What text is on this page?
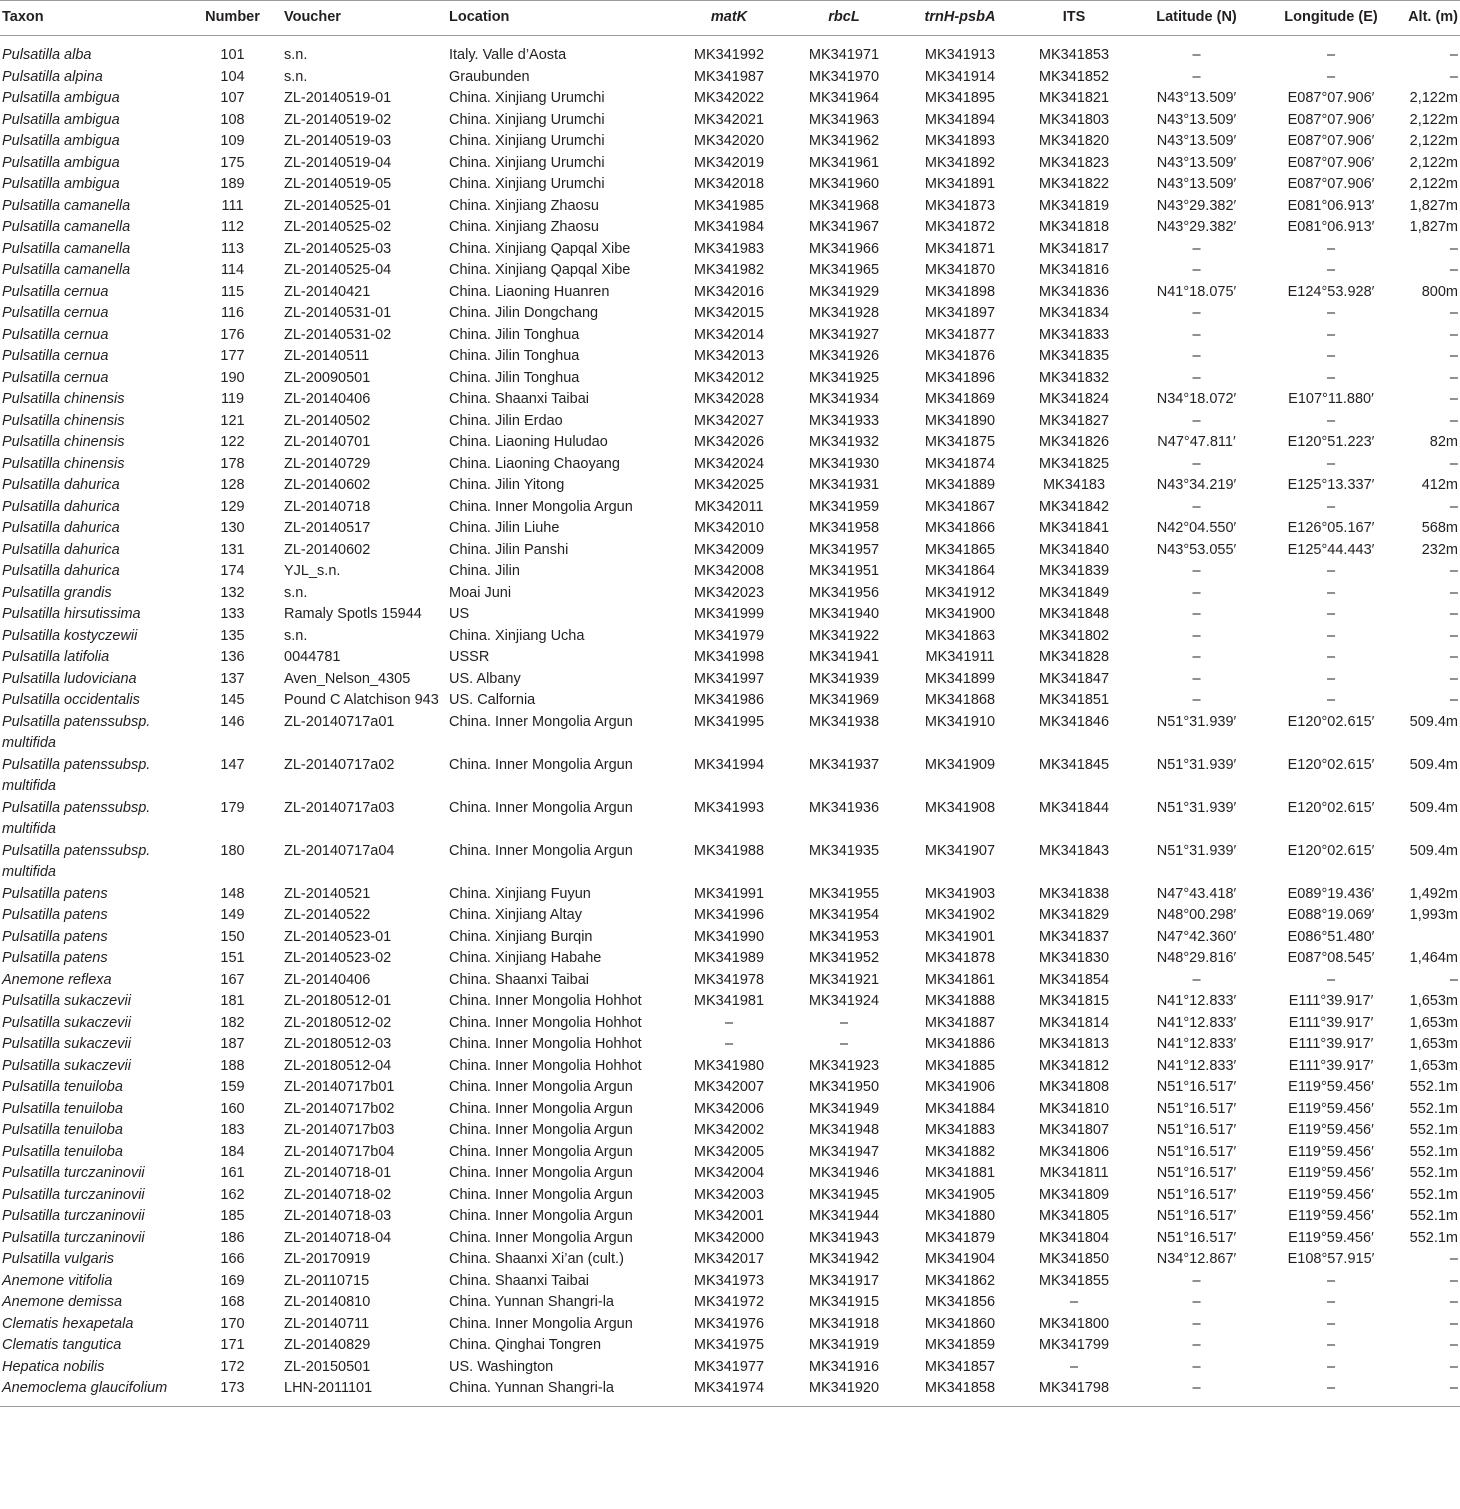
Taxon	Number	Voucher	Location	matK	rbcL	trnH-psbA	ITS	Latitude (N)	Longitude (E)	Alt. (m)
Pulsatilla alba	101	s.n.	Italy. Valle d’Aosta	MK341992	MK341971	MK341913	MK341853	–	–	–
Pulsatilla alpina	104	s.n.	Graubunden	MK341987	MK341970	MK341914	MK341852	–	–	–
Pulsatilla ambigua	107	ZL-20140519-01	China. Xinjiang Urumchi	MK342022	MK341964	MK341895	MK341821	N43°13.509′	E087°07.906′	2,122m
Pulsatilla ambigua	108	ZL-20140519-02	China. Xinjiang Urumchi	MK342021	MK341963	MK341894	MK341803	N43°13.509′	E087°07.906′	2,122m
Pulsatilla ambigua	109	ZL-20140519-03	China. Xinjiang Urumchi	MK342020	MK341962	MK341893	MK341820	N43°13.509′	E087°07.906′	2,122m
Pulsatilla ambigua	175	ZL-20140519-04	China. Xinjiang Urumchi	MK342019	MK341961	MK341892	MK341823	N43°13.509′	E087°07.906′	2,122m
Pulsatilla ambigua	189	ZL-20140519-05	China. Xinjiang Urumchi	MK342018	MK341960	MK341891	MK341822	N43°13.509′	E087°07.906′	2,122m
Pulsatilla camanella	111	ZL-20140525-01	China. Xinjiang Zhaosu	MK341985	MK341968	MK341873	MK341819	N43°29.382′	E081°06.913′	1,827m
Pulsatilla camanella	112	ZL-20140525-02	China. Xinjiang Zhaosu	MK341984	MK341967	MK341872	MK341818	N43°29.382′	E081°06.913′	1,827m
Pulsatilla camanella	113	ZL-20140525-03	China. Xinjiang Qapqal Xibe	MK341983	MK341966	MK341871	MK341817	–	–	–
Pulsatilla camanella	114	ZL-20140525-04	China. Xinjiang Qapqal Xibe	MK341982	MK341965	MK341870	MK341816	–	–	–
Pulsatilla cernua	115	ZL-20140421	China. Liaoning Huanren	MK342016	MK341929	MK341898	MK341836	N41°18.075′	E124°53.928′	800m
Pulsatilla cernua	116	ZL-20140531-01	China. Jilin Dongchang	MK342015	MK341928	MK341897	MK341834	–	–	–
Pulsatilla cernua	176	ZL-20140531-02	China. Jilin Tonghua	MK342014	MK341927	MK341877	MK341833	–	–	–
Pulsatilla cernua	177	ZL-20140511	China. Jilin Tonghua	MK342013	MK341926	MK341876	MK341835	–	–	–
Pulsatilla cernua	190	ZL-20090501	China. Jilin Tonghua	MK342012	MK341925	MK341896	MK341832	–	–	–
Pulsatilla chinensis	119	ZL-20140406	China. Shaanxi Taibai	MK342028	MK341934	MK341869	MK341824	N34°18.072′	E107°11.880′	–
Pulsatilla chinensis	121	ZL-20140502	China. Jilin Erdao	MK342027	MK341933	MK341890	MK341827	–	–	–
Pulsatilla chinensis	122	ZL-20140701	China. Liaoning Huludao	MK342026	MK341932	MK341875	MK341826	N47°47.811′	E120°51.223′	82m
Pulsatilla chinensis	178	ZL-20140729	China. Liaoning Chaoyang	MK342024	MK341930	MK341874	MK341825	–	–	–
Pulsatilla dahurica	128	ZL-20140602	China. Jilin Yitong	MK342025	MK341931	MK341889	MK34183	N43°34.219′	E125°13.337′	412m
Pulsatilla dahurica	129	ZL-20140718	China. Inner Mongolia Argun	MK342011	MK341959	MK341867	MK341842	–	–	–
Pulsatilla dahurica	130	ZL-20140517	China. Jilin Liuhe	MK342010	MK341958	MK341866	MK341841	N42°04.550′	E126°05.167′	568m
Pulsatilla dahurica	131	ZL-20140602	China. Jilin Panshi	MK342009	MK341957	MK341865	MK341840	N43°53.055′	E125°44.443′	232m
Pulsatilla dahurica	174	YJL_s.n.	China. Jilin	MK342008	MK341951	MK341864	MK341839	–	–	–
Pulsatilla grandis	132	s.n.	Moai Juni	MK342023	MK341956	MK341912	MK341849	–	–	–
Pulsatilla hirsutissima	133	Ramaly Spotls 15944	US	MK341999	MK341940	MK341900	MK341848	–	–	–
Pulsatilla kostyczewii	135	s.n.	China. Xinjiang Ucha	MK341979	MK341922	MK341863	MK341802	–	–	–
Pulsatilla latifolia	136	0044781	USSR	MK341998	MK341941	MK341911	MK341828	–	–	–
Pulsatilla ludoviciana	137	Aven_Nelson_4305	US. Albany	MK341997	MK341939	MK341899	MK341847	–	–	–
Pulsatilla occidentalis	145	Pound C Alatchison 943	US. Calfornia	MK341986	MK341969	MK341868	MK341851	–	–	–
Pulsatilla patenssubsp. multifida	146	ZL-20140717a01	China. Inner Mongolia Argun	MK341995	MK341938	MK341910	MK341846	N51°31.939′	E120°02.615′	509.4m
Pulsatilla patenssubsp. multifida	147	ZL-20140717a02	China. Inner Mongolia Argun	MK341994	MK341937	MK341909	MK341845	N51°31.939′	E120°02.615′	509.4m
Pulsatilla patenssubsp. multifida	179	ZL-20140717a03	China. Inner Mongolia Argun	MK341993	MK341936	MK341908	MK341844	N51°31.939′	E120°02.615′	509.4m
Pulsatilla patenssubsp. multifida	180	ZL-20140717a04	China. Inner Mongolia Argun	MK341988	MK341935	MK341907	MK341843	N51°31.939′	E120°02.615′	509.4m
Pulsatilla patens	148	ZL-20140521	China. Xinjiang Fuyun	MK341991	MK341955	MK341903	MK341838	N47°43.418′	E089°19.436′	1,492m
Pulsatilla patens	149	ZL-20140522	China. Xinjiang Altay	MK341996	MK341954	MK341902	MK341829	N48°00.298′	E088°19.069′	1,993m
Pulsatilla patens	150	ZL-20140523-01	China. Xinjiang Burqin	MK341990	MK341953	MK341901	MK341837	N47°42.360′	E086°51.480′	
Pulsatilla patens	151	ZL-20140523-02	China. Xinjiang Habahe	MK341989	MK341952	MK341878	MK341830	N48°29.816′	E087°08.545′	1,464m
Anemone reflexa	167	ZL-20140406	China. Shaanxi Taibai	MK341978	MK341921	MK341861	MK341854	–	–	–
Pulsatilla sukaczevii	181	ZL-20180512-01	China. Inner Mongolia Hohhot	MK341981	MK341924	MK341888	MK341815	N41°12.833′	E111°39.917′	1,653m
Pulsatilla sukaczevii	182	ZL-20180512-02	China. Inner Mongolia Hohhot	–	–	MK341887	MK341814	N41°12.833′	E111°39.917′	1,653m
Pulsatilla sukaczevii	187	ZL-20180512-03	China. Inner Mongolia Hohhot	–	–	MK341886	MK341813	N41°12.833′	E111°39.917′	1,653m
Pulsatilla sukaczevii	188	ZL-20180512-04	China. Inner Mongolia Hohhot	MK341980	MK341923	MK341885	MK341812	N41°12.833′	E111°39.917′	1,653m
Pulsatilla tenuiloba	159	ZL-20140717b01	China. Inner Mongolia Argun	MK342007	MK341950	MK341906	MK341808	N51°16.517′	E119°59.456′	552.1m
Pulsatilla tenuiloba	160	ZL-20140717b02	China. Inner Mongolia Argun	MK342006	MK341949	MK341884	MK341810	N51°16.517′	E119°59.456′	552.1m
Pulsatilla tenuiloba	183	ZL-20140717b03	China. Inner Mongolia Argun	MK342002	MK341948	MK341883	MK341807	N51°16.517′	E119°59.456′	552.1m
Pulsatilla tenuiloba	184	ZL-20140717b04	China. Inner Mongolia Argun	MK342005	MK341947	MK341882	MK341806	N51°16.517′	E119°59.456′	552.1m
Pulsatilla turczaninovii	161	ZL-20140718-01	China. Inner Mongolia Argun	MK342004	MK341946	MK341881	MK341811	N51°16.517′	E119°59.456′	552.1m
Pulsatilla turczaninovii	162	ZL-20140718-02	China. Inner Mongolia Argun	MK342003	MK341945	MK341905	MK341809	N51°16.517′	E119°59.456′	552.1m
Pulsatilla turczaninovii	185	ZL-20140718-03	China. Inner Mongolia Argun	MK342001	MK341944	MK341880	MK341805	N51°16.517′	E119°59.456′	552.1m
Pulsatilla turczaninovii	186	ZL-20140718-04	China. Inner Mongolia Argun	MK342000	MK341943	MK341879	MK341804	N51°16.517′	E119°59.456′	552.1m
Pulsatilla vulgaris	166	ZL-20170919	China. Shaanxi Xi’an (cult.)	MK342017	MK341942	MK341904	MK341850	N34°12.867′	E108°57.915′	–
Anemone vitifolia	169	ZL-20110715	China. Shaanxi Taibai	MK341973	MK341917	MK341862	MK341855	–	–	–
Anemone demissa	168	ZL-20140810	China. Yunnan Shangri-la	MK341972	MK341915	MK341856	–	–	–	–
Clematis hexapetala	170	ZL-20140711	China. Inner Mongolia Argun	MK341976	MK341918	MK341860	MK341800	–	–	–
Clematis tangutica	171	ZL-20140829	China. Qinghai Tongren	MK341975	MK341919	MK341859	MK341799	–	–	–
Hepatica nobilis	172	ZL-20150501	US. Washington	MK341977	MK341916	MK341857	–	–	–	–
Anemoclema glaucifolium	173	LHN-2011101	China. Yunnan Shangri-la	MK341974	MK341920	MK341858	MK341798	–	–	–
